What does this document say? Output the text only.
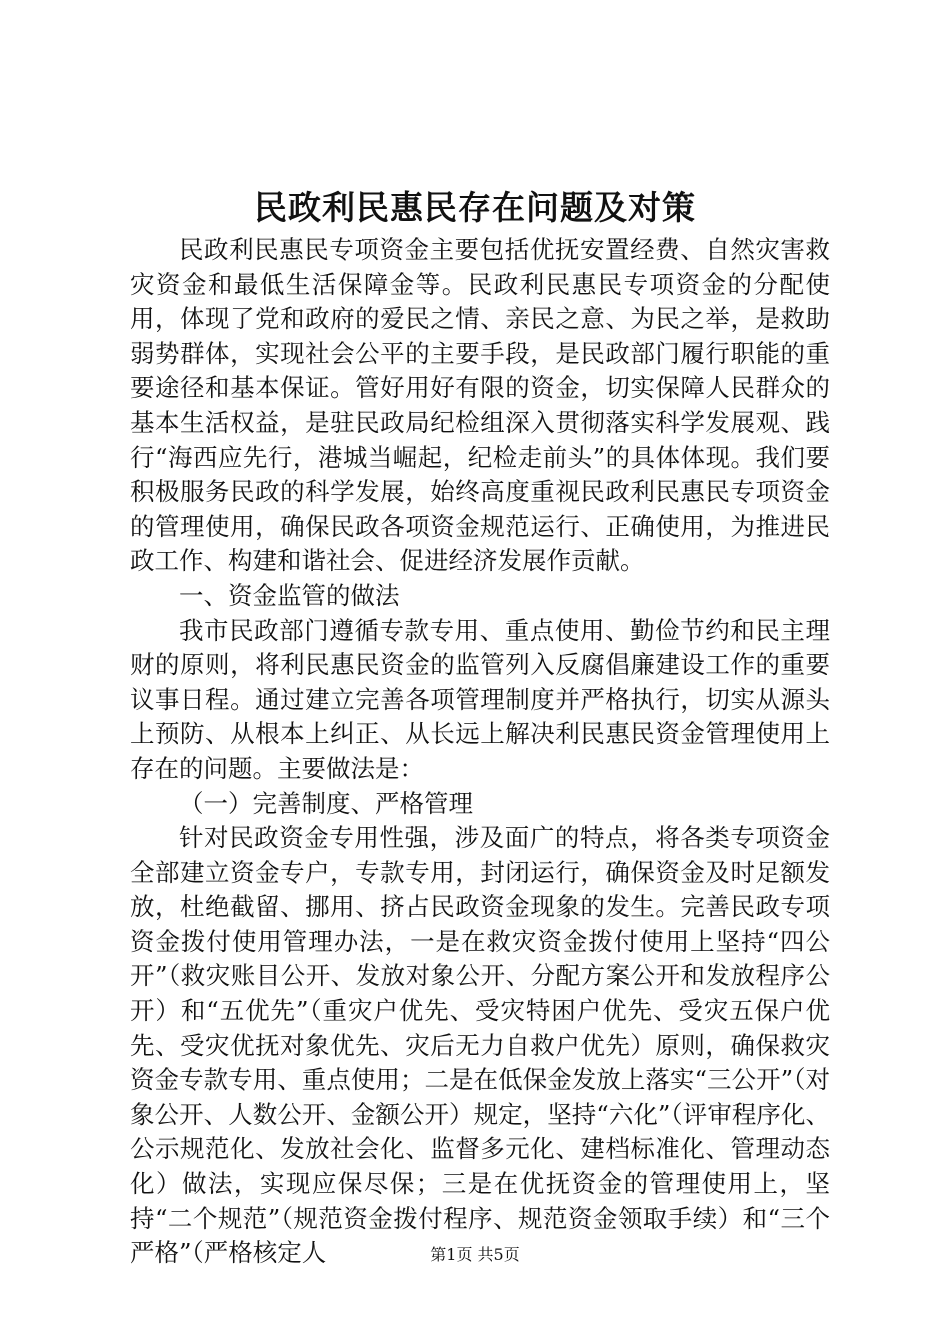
民政利民惠民存在问题及对策

民政利民惠民专项资金主要包括优抚安置经费、自然灾害救灾资金和最低生活保障金等。民政利民惠民专项资金的分配使用，体现了党和政府的爱民之情、亲民之意、为民之举，是救助弱势群体，实现社会公平的主要手段，是民政部门履行职能的重要途径和基本保证。管好用好有限的资金，切实保障人民群众的基本生活权益，是驻民政局纪检组深入贯彻落实科学发展观、践行“海西应先行，港城当崛起，纪检走前头”的具体体现。我们要积极服务民政的科学发展，始终高度重视民政利民惠民专项资金的管理使用，确保民政各项资金规范运行、正确使用，为推进民政工作、构建和谐社会、促进经济发展作贡献。

一、资金监管的做法

我市民政部门遵循专款专用、重点使用、勤俭节约和民主理财的原则，将利民惠民资金的监管列入反腐倡廉建设工作的重要议事日程。通过建立完善各项管理制度并严格执行，切实从源头上预防、从根本上纠正、从长远上解决利民惠民资金管理使用上存在的问题。主要做法是：

（一）完善制度、严格管理

针对民政资金专用性强，涉及面广的特点，将各类专项资金全部建立资金专户，专款专用，封闭运行，确保资金及时足额发放，杜绝截留、挪用、挤占民政资金现象的发生。完善民政专项资金拨付使用管理办法，一是在救灾资金拨付使用上坚持“四公开”（救灾账目公开、发放对象公开、分配方案公开和发放程序公开）和“五优先”（重灾户优先、受灾特困户优先、受灾五保户优先、受灾优抚对象优先、灾后无力自救户优先）原则，确保救灾资金专款专用、重点使用；二是在低保金发放上落实“三公开”（对象公开、人数公开、金额公开）规定，坚持“六化”（评审程序化、公示规范化、发放社会化、监督多元化、建档标准化、管理动态化）做法，实现应保尽保；三是在优抚资金的管理使用上，坚持“二个规范”（规范资金拨付程序、规范资金领取手续）和“三个严格”（严格核定人	第1页 共5页
